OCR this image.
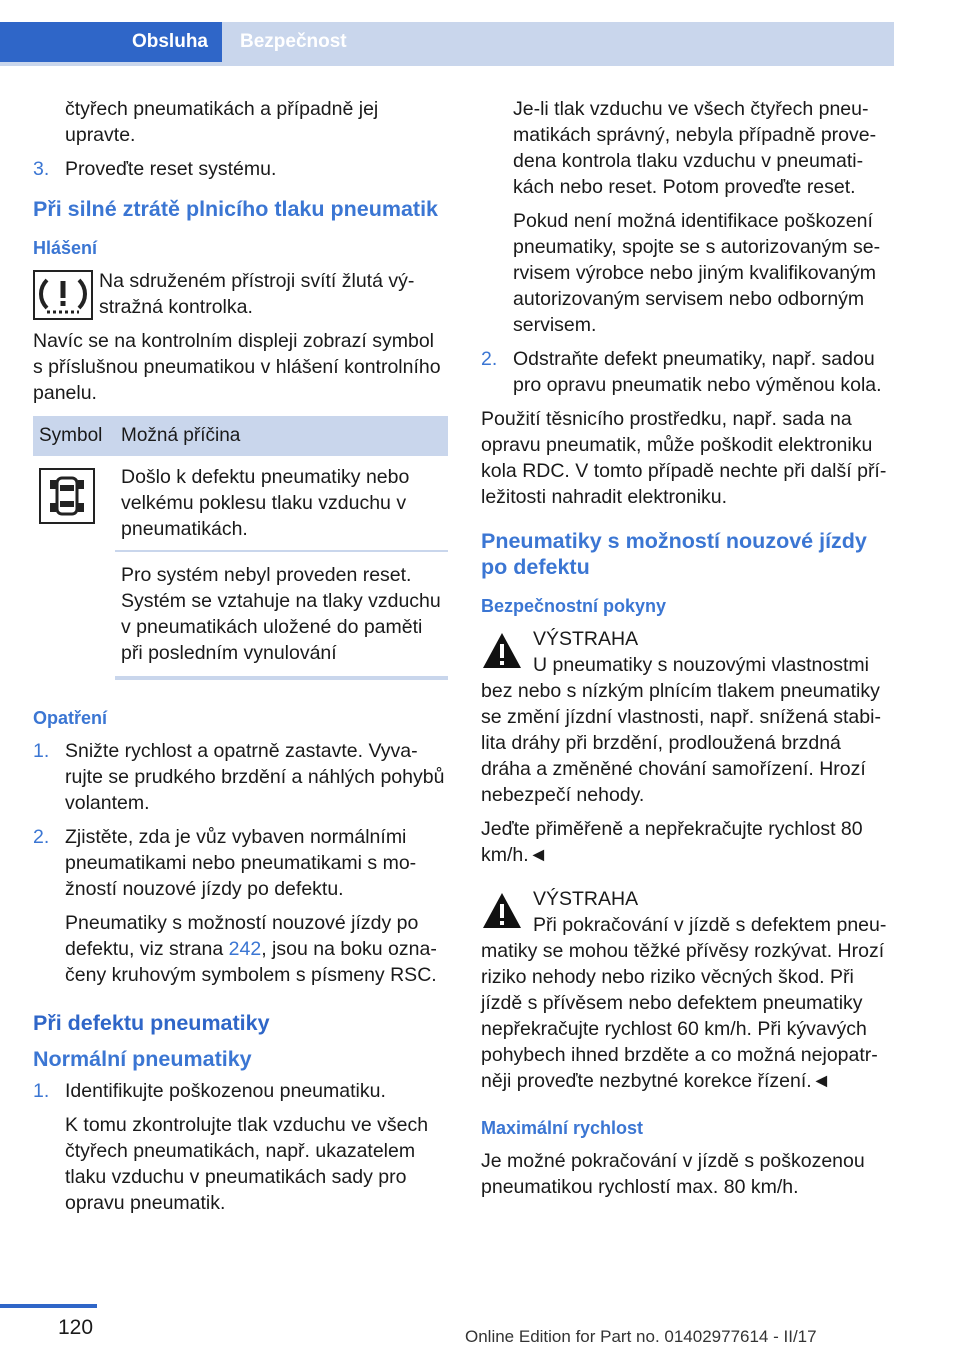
Obsluha	Bezpečnost

čtyřech pneumatikách a případně jej upravte.

3. Proveďte reset systému.
Při silné ztrátě plnicího tlaku pneumatik
Hlášení

Na sdruženém přístroji svítí žlutá výstražná kontrolka.

Navíc se na kontrolním displeji zobrazí symbol s příslušnou pneumatikou v hlášení kontrolního panelu.

Symbol	Možná příčina
	Došlo k defektu pneumatiky nebo velkému poklesu tlaku vzduchu v pneumatikách.
	Pro systém nebyl proveden reset. Systém se vztahuje na tlaky vzduchu v pneumatikách uložené do paměti při posledním vynulování
Opatření
1. Snižte rychlost a opatrně zastavte. Vyvarujte se prudkého brzdění a náhlých pohybů volantem.
2. Zjistěte, zda je vůz vybaven normálními pneumatikami nebo pneumatikami s možností nouzové jízdy po defektu.

Pneumatiky s možností nouzové jízdy po defektu, viz strana 242, jsou na boku označeny kruhovým symbolem s písmeny RSC.

Při defektu pneumatiky
Normální pneumatiky
1. Identifikujte poškozenou pneumatiku.

K tomu zkontrolujte tlak vzduchu ve všech čtyřech pneumatikách, např. ukazatelem tlaku vzduchu v pneumatikách sady pro opravu pneumatik.

Je-li tlak vzduchu ve všech čtyřech pneumatikách správný, nebyla případně provedena kontrola tlaku vzduchu v pneumatikách nebo reset. Potom proveďte reset.

Pokud není možná identifikace poškození pneumatiky, spojte se s autorizovaným servisem výrobce nebo jiným kvalifikovaným autorizovaným servisem nebo odborným servisem.

2. Odstraňte defekt pneumatiky, např. sadou pro opravu pneumatik nebo výměnou kola.

Použití těsnicího prostředku, např. sada na opravu pneumatik, může poškodit elektroniku kola RDC. V tomto případě nechte při další příležitosti nahradit elektroniku.

Pneumatiky s možností nouzové jízdy po defektu
Bezpečnostní pokyny

VÝSTRAHA

U pneumatiky s nouzovými vlastnostmi bez nebo s nízkým plnícím tlakem pneumatiky se změní jízdní vlastnosti, např. snížená stabilita dráhy při brzdění, prodloužená brzdná dráha a změněné chování samořízení. Hrozí nebezpečí nehody.

Jeďte přiměřeně a nepřekračujte rychlost 80 km/h.◄

VÝSTRAHA

Při pokračování v jízdě s defektem pneumatiky se mohou těžké přívěsy rozkývat. Hrozí riziko nehody nebo riziko věcných škod. Při jízdě s přívěsem nebo defektem pneumatiky nepřekračujte rychlost 60 km/h. Při kývavých pohybech ihned brzděte a co možná nejopatrněji proveďte nezbytné korekce řízení.◄

Maximální rychlost

Je možné pokračování v jízdě s poškozenou pneumatikou rychlostí max. 80 km/h.

120	Online Edition for Part no. 01402977614 - II/17
